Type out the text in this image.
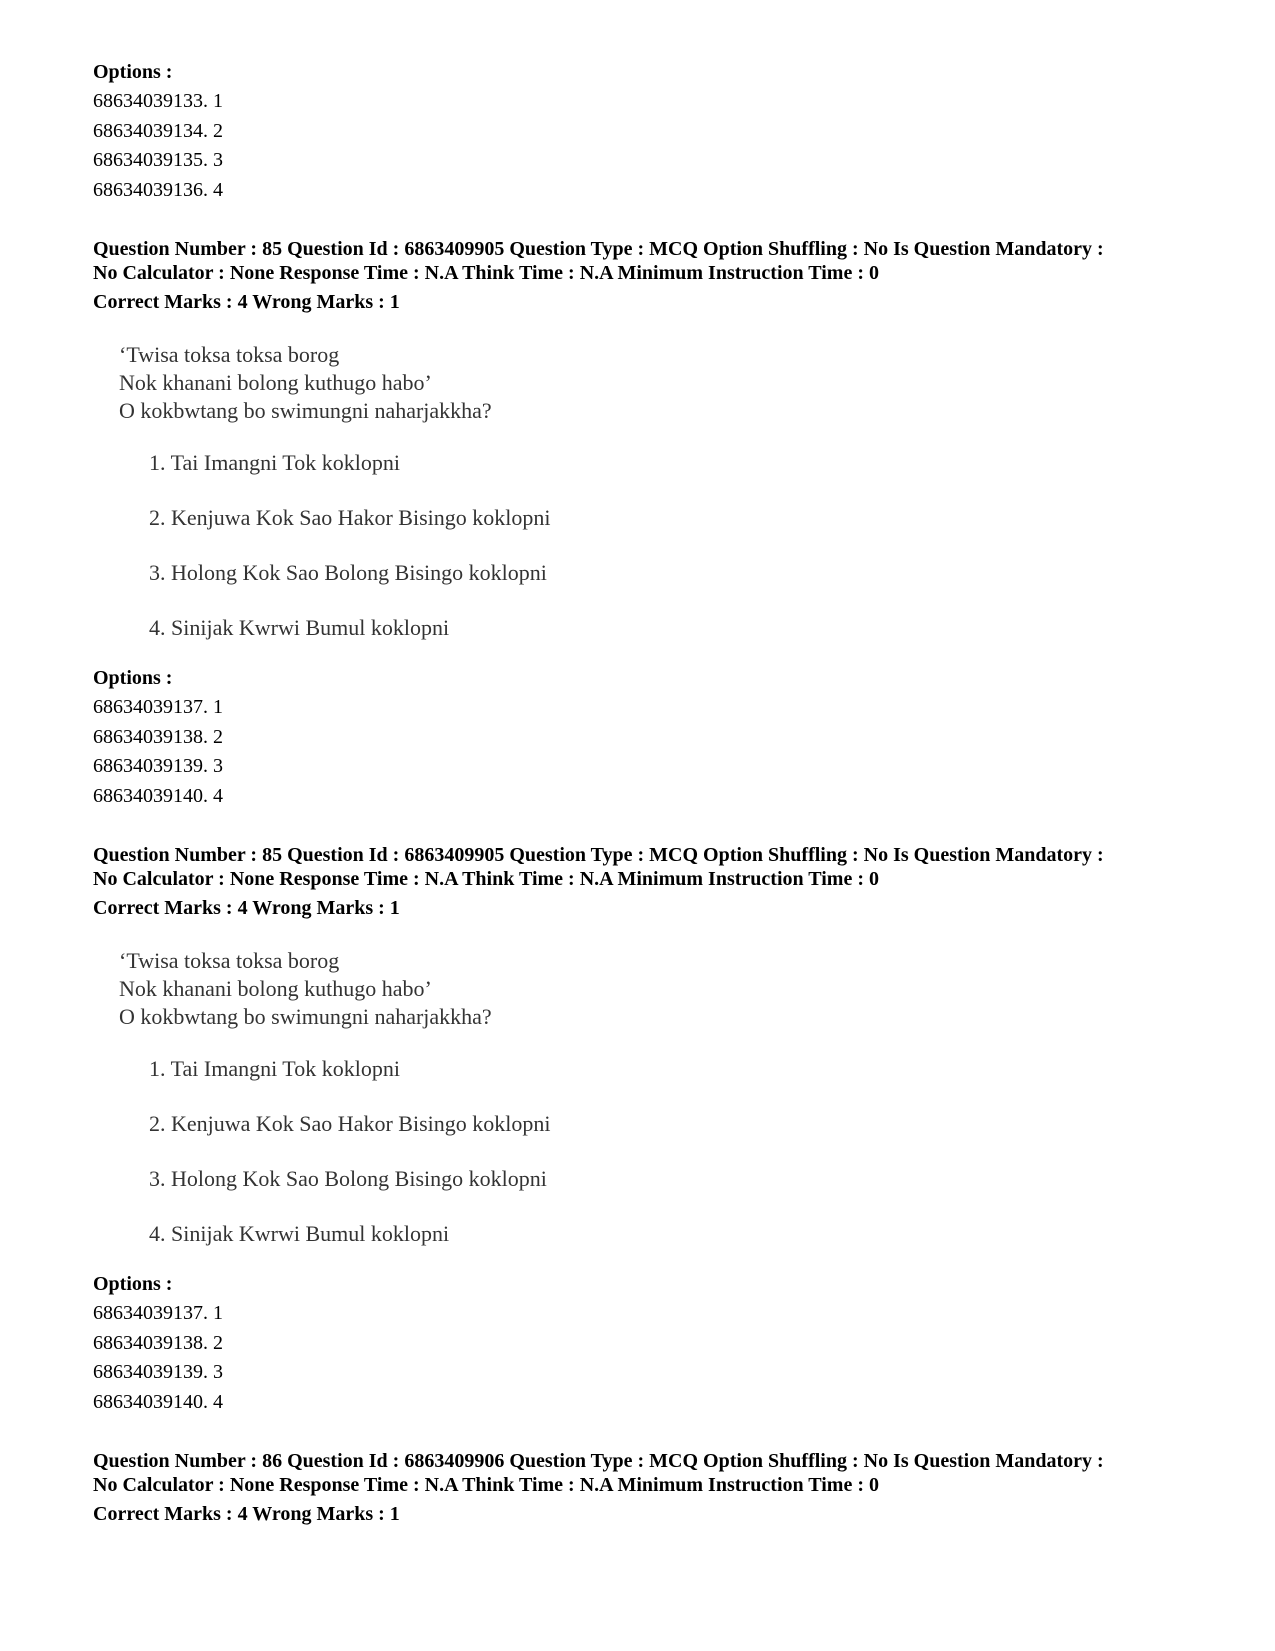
Options :
68634039133. 1
68634039134. 2
68634039135. 3
68634039136. 4
Question Number : 85 Question Id : 6863409905 Question Type : MCQ Option Shuffling : No Is Question Mandatory :
No Calculator : None Response Time : N.A Think Time : N.A Minimum Instruction Time : 0
Correct Marks : 4 Wrong Marks : 1
‘Twisa toksa toksa borog
Nok khanani bolong kuthugo habo’
O kokbwtang bo swimungni naharjakkha?
1. Tai Imangni Tok koklopni
2. Kenjuwa Kok Sao Hakor Bisingo koklopni
3. Holong Kok Sao Bolong Bisingo koklopni
4. Sinijak Kwrwi Bumul koklopni
Options :
68634039137. 1
68634039138. 2
68634039139. 3
68634039140. 4
Question Number : 85 Question Id : 6863409905 Question Type : MCQ Option Shuffling : No Is Question Mandatory :
No Calculator : None Response Time : N.A Think Time : N.A Minimum Instruction Time : 0
Correct Marks : 4 Wrong Marks : 1
‘Twisa toksa toksa borog
Nok khanani bolong kuthugo habo’
O kokbwtang bo swimungni naharjakkha?
1. Tai Imangni Tok koklopni
2. Kenjuwa Kok Sao Hakor Bisingo koklopni
3. Holong Kok Sao Bolong Bisingo koklopni
4. Sinijak Kwrwi Bumul koklopni
Options :
68634039137. 1
68634039138. 2
68634039139. 3
68634039140. 4
Question Number : 86 Question Id : 6863409906 Question Type : MCQ Option Shuffling : No Is Question Mandatory :
No Calculator : None Response Time : N.A Think Time : N.A Minimum Instruction Time : 0
Correct Marks : 4 Wrong Marks : 1
